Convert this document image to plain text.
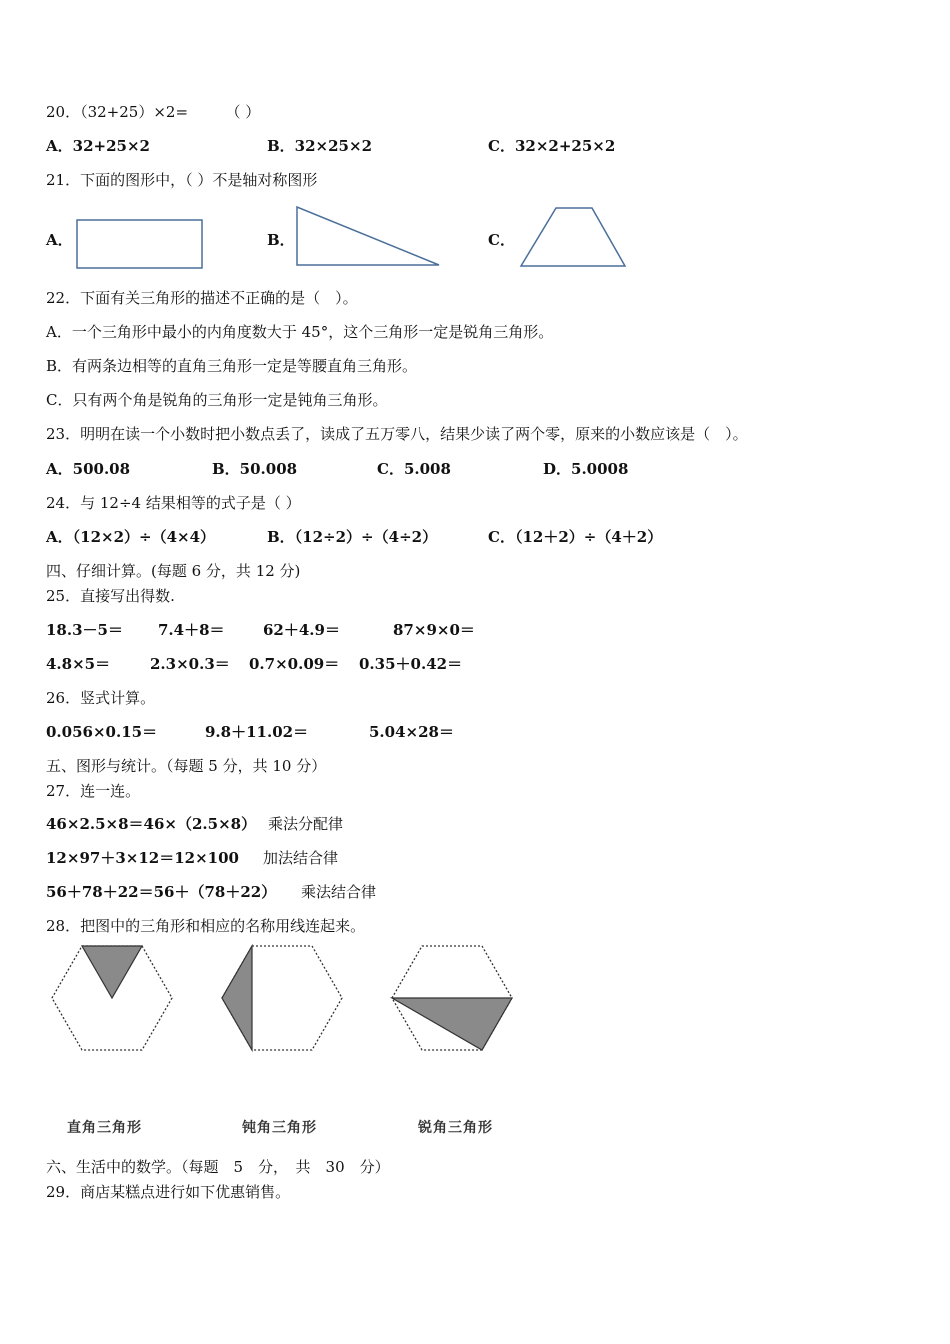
20．（32+25）×2=　　　（ ）
A．32+25×2	B．32×25×2	C．32×2+25×2
21．下面的图形中，（ ）不是轴对称图形
A．	B．	C．
22．下面有关三角形的描述不正确的是（　）。
A．一个三角形中最小的内角度数大于 45°，这个三角形一定是锐角三角形。
B．有两条边相等的直角三角形一定是等腰直角三角形。
C．只有两个角是锐角的三角形一定是钝角三角形。
23．明明在读一个小数时把小数点丢了，读成了五万零八，结果少读了两个零，原来的小数应该是（　）。
A．500.08	B．50.008	C．5.008	D．5.0008
24．与 12÷4 结果相等的式子是（ ）
A．（12×2）÷（4×4）	B．（12÷2）÷（4÷2）	C．（12＋2）÷（4＋2）
四、仔细计算。(每题 6 分，共 12 分)
25．直接写出得数.
18.3－5＝ 7.4＋8＝	62＋4.9＝	87×9×0＝
4.8×5＝	2.3×0.3＝ 0.7×0.09＝ 0.35＋0.42＝
26．竖式计算。
0.056×0.15＝	9.8＋11.02＝	5.04×28＝
五、图形与统计。（每题 5 分，共 10 分）
27．连一连。
46×2.5×8＝46×（2.5×8） 乘法分配律
12×97＋3×12＝12×100 加法结合律
56＋78＋22＝56＋（78＋22） 乘法结合律
28．把图中的三角形和相应的名称用线连起来。
直角三角形	钝角三角形	锐角三角形
六、生活中的数学。（每题　5　分，　共　30　分）
29．商店某糕点进行如下优惠销售。
